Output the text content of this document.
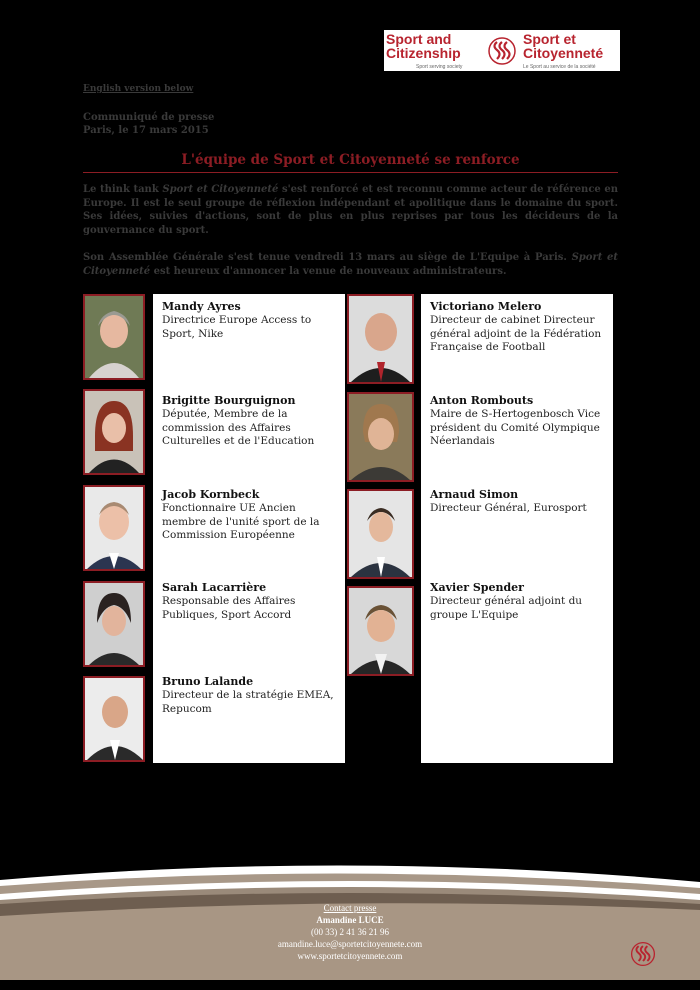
Sport and
Citizenship
Sport serving society
Sport et
Citoyenneté
Le Sport au service de la société
English version below
Communiqué de presse
Paris, le 17 mars 2015
L'équipe de Sport et Citoyenneté se renforce
Le think tank Sport et Citoyenneté s'est renforcé et est reconnu comme acteur de référence en Europe. Il est le seul groupe de réflexion indépendant et apolitique dans le domaine du sport. Ses idées, suivies d'actions, sont de plus en plus reprises par tous les décideurs de la gouvernance du sport.
Son Assemblée Générale s'est tenue vendredi 13 mars au siège de L'Equipe à Paris. Sport et Citoyenneté est heureux d'annoncer la venue de nouveaux administrateurs.
Mandy Ayres
Directrice Europe Access to Sport, Nike
Brigitte Bourguignon
Députée, Membre de la commission des Affaires Culturelles et de l'Education
Jacob Kornbeck
Fonctionnaire UE Ancien membre de l'unité sport de la Commission Européenne
Sarah Lacarrière
Responsable des Affaires Publiques, Sport Accord
Bruno Lalande
Directeur de la stratégie EMEA, Repucom
Victoriano Melero
Directeur de cabinet Directeur général adjoint de la Fédération Française de Football
Anton Rombouts
Maire de S-Hertogenbosch Vice président du Comité Olympique Néerlandais
Arnaud Simon
Directeur Général, Eurosport
Xavier Spender
Directeur général adjoint du groupe L'Equipe
Contact presse
Amandine LUCE
(00 33) 2 41 36 21 96
amandine.luce@sportetcitoyennete.com
www.sportetcitoyennete.com
